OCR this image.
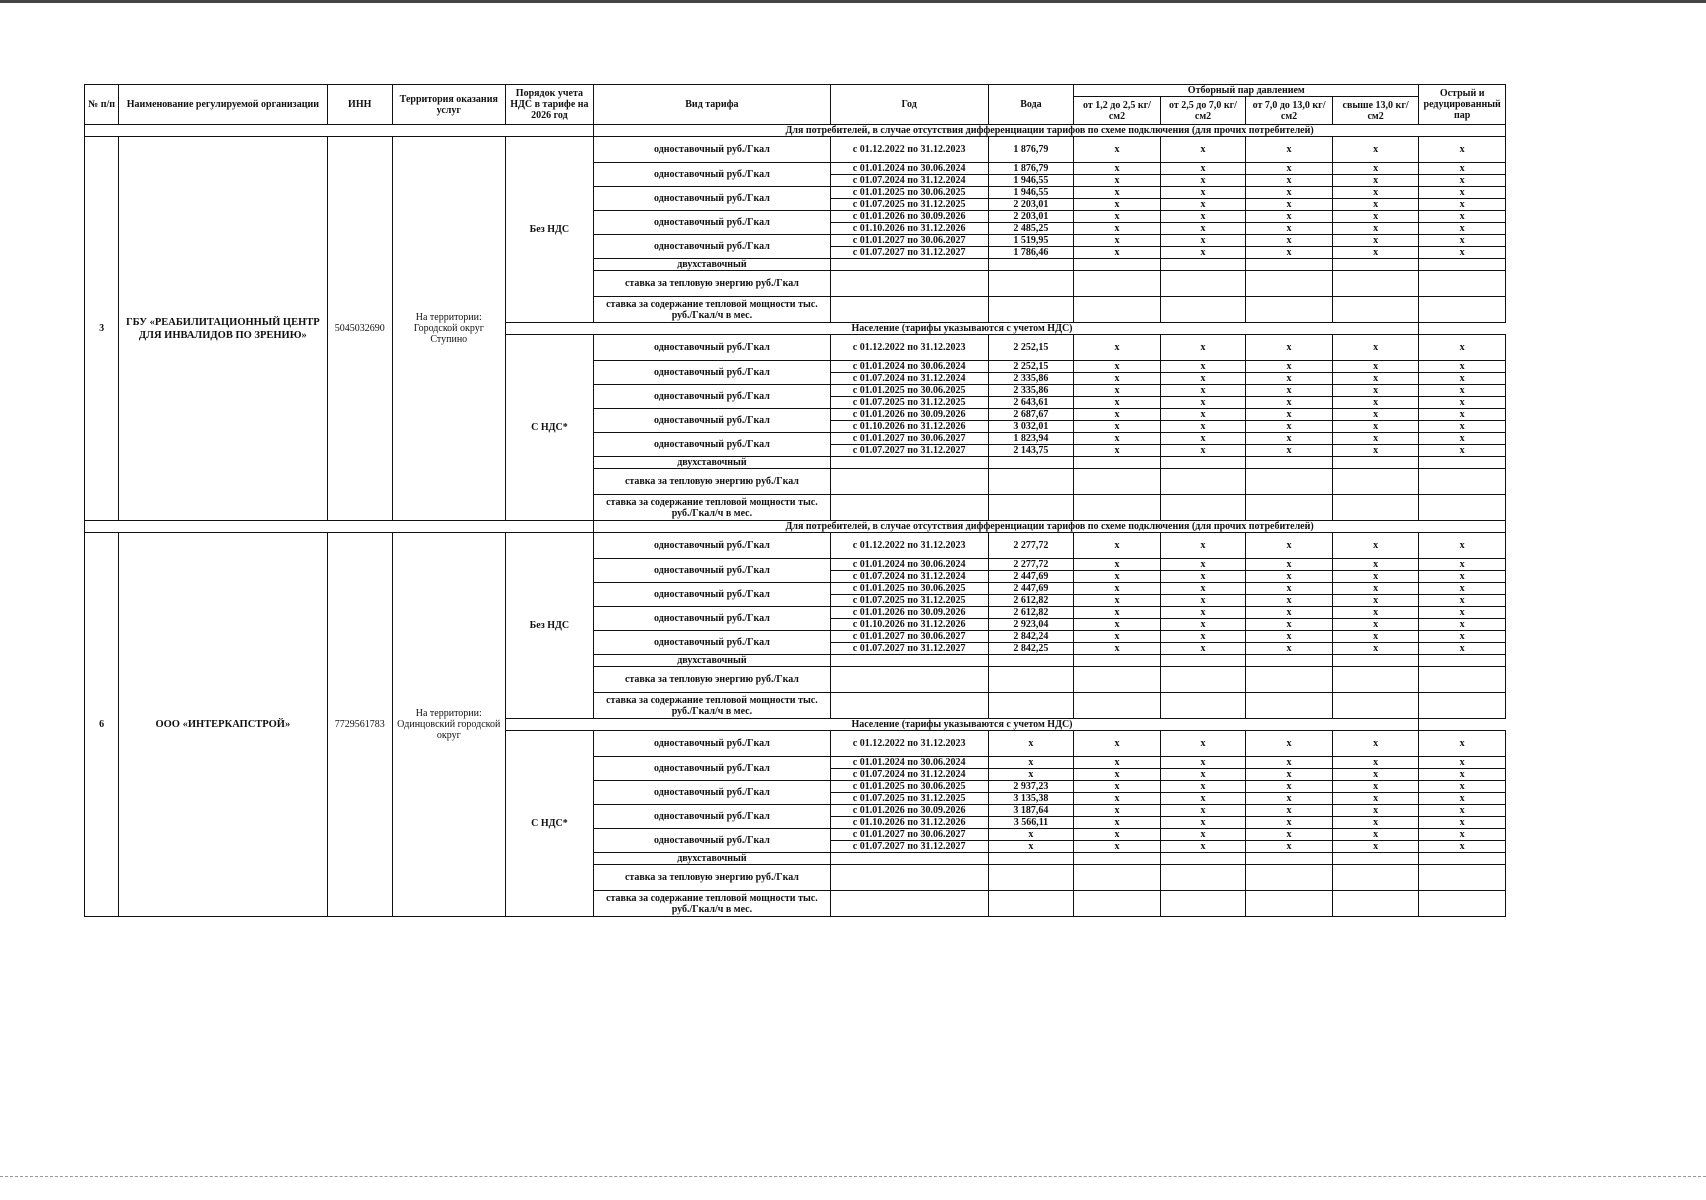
№ п/п	Наименование регулируемой организации	ИНН	Территория оказания услуг	Порядок учета НДС в тарифе на 2026 год	Вид тарифа	Год	Вода	Отборный пар давлением				Острый и редуцированный пар
								от 1,2 до 2,5 кг/см2	от 2,5 до 7,0 кг/см2	от 7,0 до 13,0 кг/см2	свыше 13,0 кг/см2	
					Для потребителей, в случае отсутствия дифференциации тарифов по схеме подключения (для прочих потребителей)							
3	ГБУ «РЕАБИЛИТАЦИОННЫЙ ЦЕНТР ДЛЯ ИНВАЛИДОВ ПО ЗРЕНИЮ»	5045032690	На территории: Городской округ Ступино	Без НДС	одноставочный руб./Гкал	с 01.12.2022 по 31.12.2023	1 876,79	x	x	x	x	x
					одноставочный руб./Гкал	с 01.01.2024 по 30.06.2024	1 876,79	x	x	x	x	x
						с 01.07.2024 по 31.12.2024	1 946,55	x	x	x	x	x
					одноставочный руб./Гкал	с 01.01.2025 по 30.06.2025	1 946,55	x	x	x	x	x
						с 01.07.2025 по 31.12.2025	2 203,01	x	x	x	x	x
					одноставочный руб./Гкал	с 01.01.2026 по 30.09.2026	2 203,01	x	x	x	x	x
						с 01.10.2026 по 31.12.2026	2 485,25	x	x	x	x	x
					одноставочный руб./Гкал	с 01.01.2027 по 30.06.2027	1 519,95	x	x	x	x	x
						с 01.07.2027 по 31.12.2027	1 786,46	x	x	x	x	x
					двухставочный							
					ставка за тепловую энергию руб./Гкал							
					ставка за содержание тепловой мощности тыс. руб./Гкал/ч в мес.							
				Население (тарифы указываются с учетом НДС)								
				С НДС*	одноставочный руб./Гкал	с 01.12.2022 по 31.12.2023	2 252,15	x	x	x	x	x
					одноставочный руб./Гкал	с 01.01.2024 по 30.06.2024	2 252,15	x	x	x	x	x
						с 01.07.2024 по 31.12.2024	2 335,86	x	x	x	x	x
					одноставочный руб./Гкал	с 01.01.2025 по 30.06.2025	2 335,86	x	x	x	x	x
						с 01.07.2025 по 31.12.2025	2 643,61	x	x	x	x	x
					одноставочный руб./Гкал	с 01.01.2026 по 30.09.2026	2 687,67	x	x	x	x	x
						с 01.10.2026 по 31.12.2026	3 032,01	x	x	x	x	x
					одноставочный руб./Гкал	с 01.01.2027 по 30.06.2027	1 823,94	x	x	x	x	x
						с 01.07.2027 по 31.12.2027	2 143,75	x	x	x	x	x
					двухставочный							
					ставка за тепловую энергию руб./Гкал							
					ставка за содержание тепловой мощности тыс. руб./Гкал/ч в мес.							
					Для потребителей, в случае отсутствия дифференциации тарифов по схеме подключения (для прочих потребителей)							
6	ООО «ИНТЕРКАПСТРОЙ»	7729561783	На территории: Одинцовский городской округ	Без НДС	одноставочный руб./Гкал	с 01.12.2022 по 31.12.2023	2 277,72	x	x	x	x	x
					одноставочный руб./Гкал	с 01.01.2024 по 30.06.2024	2 277,72	x	x	x	x	x
						с 01.07.2024 по 31.12.2024	2 447,69	x	x	x	x	x
					одноставочный руб./Гкал	с 01.01.2025 по 30.06.2025	2 447,69	x	x	x	x	x
						с 01.07.2025 по 31.12.2025	2 612,82	x	x	x	x	x
					одноставочный руб./Гкал	с 01.01.2026 по 30.09.2026	2 612,82	x	x	x	x	x
						с 01.10.2026 по 31.12.2026	2 923,04	x	x	x	x	x
					одноставочный руб./Гкал	с 01.01.2027 по 30.06.2027	2 842,24	x	x	x	x	x
						с 01.07.2027 по 31.12.2027	2 842,25	x	x	x	x	x
					двухставочный							
					ставка за тепловую энергию руб./Гкал							
					ставка за содержание тепловой мощности тыс. руб./Гкал/ч в мес.							
				Население (тарифы указываются с учетом НДС)								
				С НДС*	одноставочный руб./Гкал	с 01.12.2022 по 31.12.2023	x	x	x	x	x	x
					одноставочный руб./Гкал	с 01.01.2024 по 30.06.2024	x	x	x	x	x	x
						с 01.07.2024 по 31.12.2024	x	x	x	x	x	x
					одноставочный руб./Гкал	с 01.01.2025 по 30.06.2025	2 937,23	x	x	x	x	x
						с 01.07.2025 по 31.12.2025	3 135,38	x	x	x	x	x
					одноставочный руб./Гкал	с 01.01.2026 по 30.09.2026	3 187,64	x	x	x	x	x
						с 01.10.2026 по 31.12.2026	3 566,11	x	x	x	x	x
					одноставочный руб./Гкал	с 01.01.2027 по 30.06.2027	x	x	x	x	x	x
						с 01.07.2027 по 31.12.2027	x	x	x	x	x	x
					двухставочный							
					ставка за тепловую энергию руб./Гкал							
					ставка за содержание тепловой мощности тыс. руб./Гкал/ч в мес.							
